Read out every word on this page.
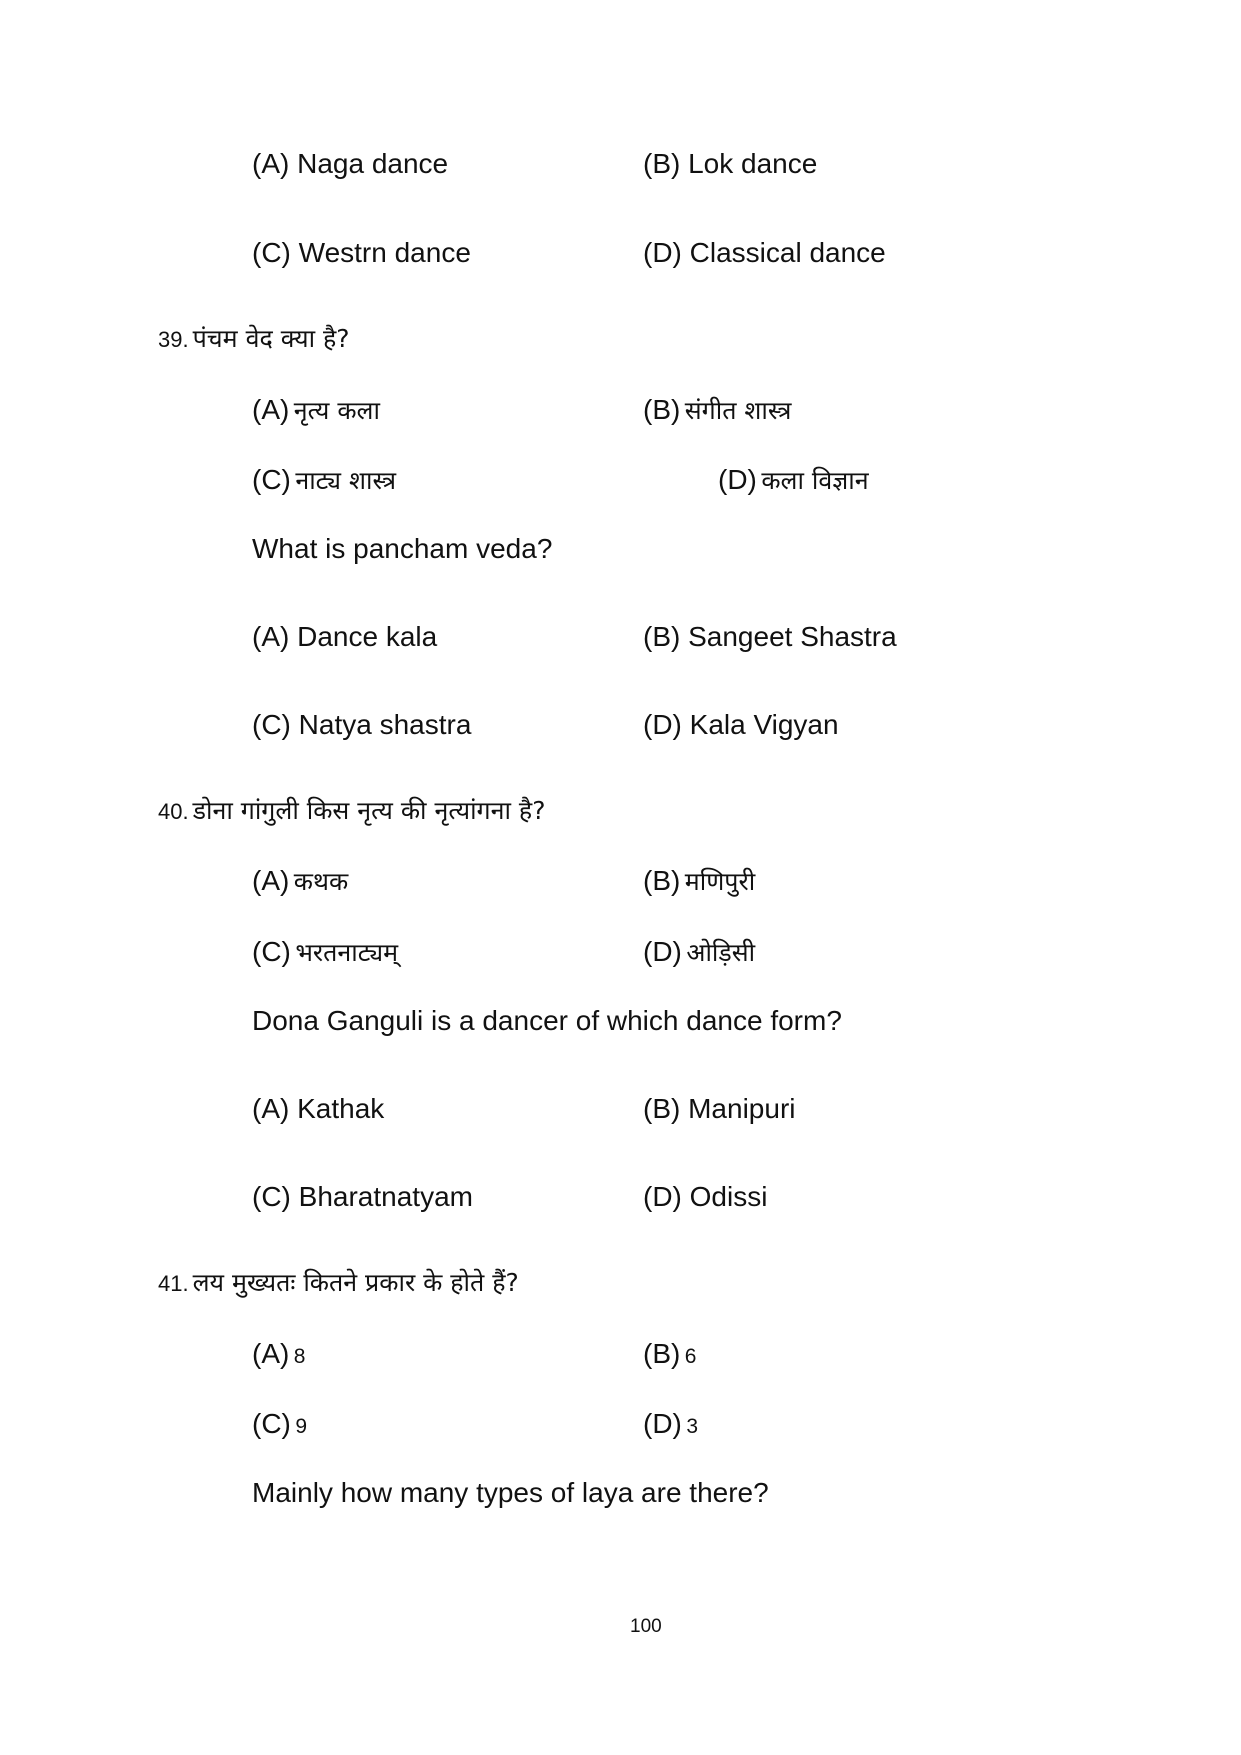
(A) Naga dance	(B) Lok dance
(C) Westrn dance	(D) Classical dance
39. पंचम वेद क्या है?
(A) नृत्य कला	(B) संगीत शास्त्र
(C) नाट्य शास्त्र	(D) कला विज्ञान
What is pancham veda?
(A) Dance kala	(B) Sangeet Shastra
(C) Natya shastra	(D) Kala Vigyan
40. डोना गांगुली किस नृत्य की नृत्यांगना है?
(A) कथक	(B) मणिपुरी
(C) भरतनाट्यम्	(D) ओड़िसी
Dona Ganguli is a dancer of which dance form?
(A) Kathak	(B) Manipuri
(C) Bharatnatyam	(D) Odissi
41. लय मुख्यतः कितने प्रकार के होते हैं?
(A) 8	(B) 6
(C) 9	(D) 3
Mainly how many types of laya are there?
100
